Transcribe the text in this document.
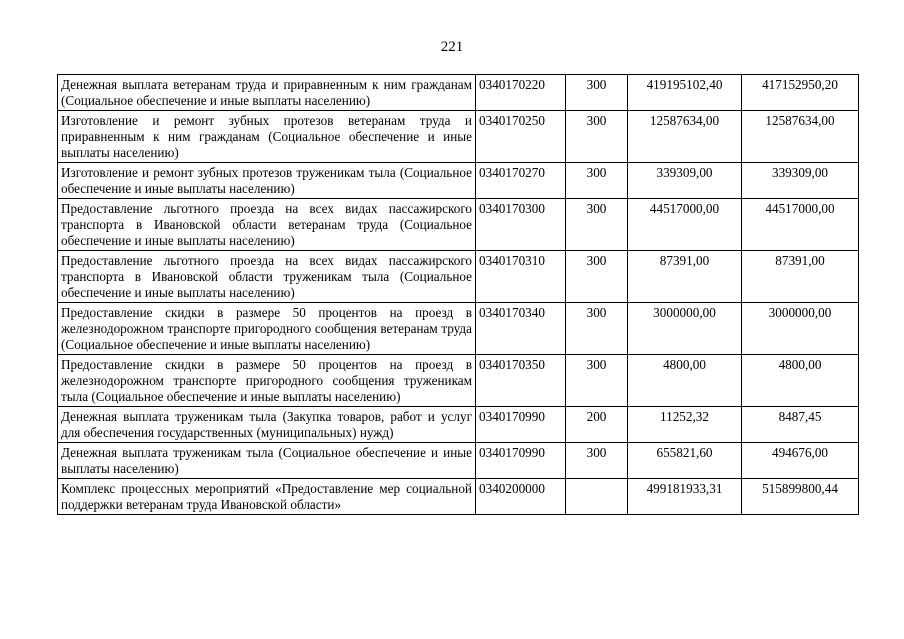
221
Денежная выплата ветеранам труда и приравненным к ним гражданам (Социальное обеспечение и иные выплаты населению)	0340170220	300	419195102,40	417152950,20
Изготовление и ремонт зубных протезов ветеранам труда и приравненным к ним гражданам (Социальное обеспечение и иные выплаты населению)	0340170250	300	12587634,00	12587634,00
Изготовление и ремонт зубных протезов труженикам тыла (Социальное обеспечение и иные выплаты населению)	0340170270	300	339309,00	339309,00
Предоставление льготного проезда на всех видах пассажирского транспорта в Ивановской области ветеранам труда (Социальное обеспечение и иные выплаты населению)	0340170300	300	44517000,00	44517000,00
Предоставление льготного проезда на всех видах пассажирского транспорта в Ивановской области труженикам тыла (Социальное обеспечение и иные выплаты населению)	0340170310	300	87391,00	87391,00
Предоставление скидки в размере 50 процентов на проезд в железнодорожном транспорте пригородного сообщения ветеранам труда (Социальное обеспечение и иные выплаты населению)	0340170340	300	3000000,00	3000000,00
Предоставление скидки в размере 50 процентов на проезд в железнодорожном транспорте пригородного сообщения труженикам тыла (Социальное обеспечение и иные выплаты населению)	0340170350	300	4800,00	4800,00
Денежная выплата труженикам тыла (Закупка товаров, работ и услуг для обеспечения государственных (муниципальных) нужд)	0340170990	200	11252,32	8487,45
Денежная выплата труженикам тыла (Социальное обеспечение и иные выплаты населению)	0340170990	300	655821,60	494676,00
Комплекс процессных мероприятий «Предоставление мер социальной поддержки ветеранам труда Ивановской области»	0340200000		499181933,31	515899800,44
